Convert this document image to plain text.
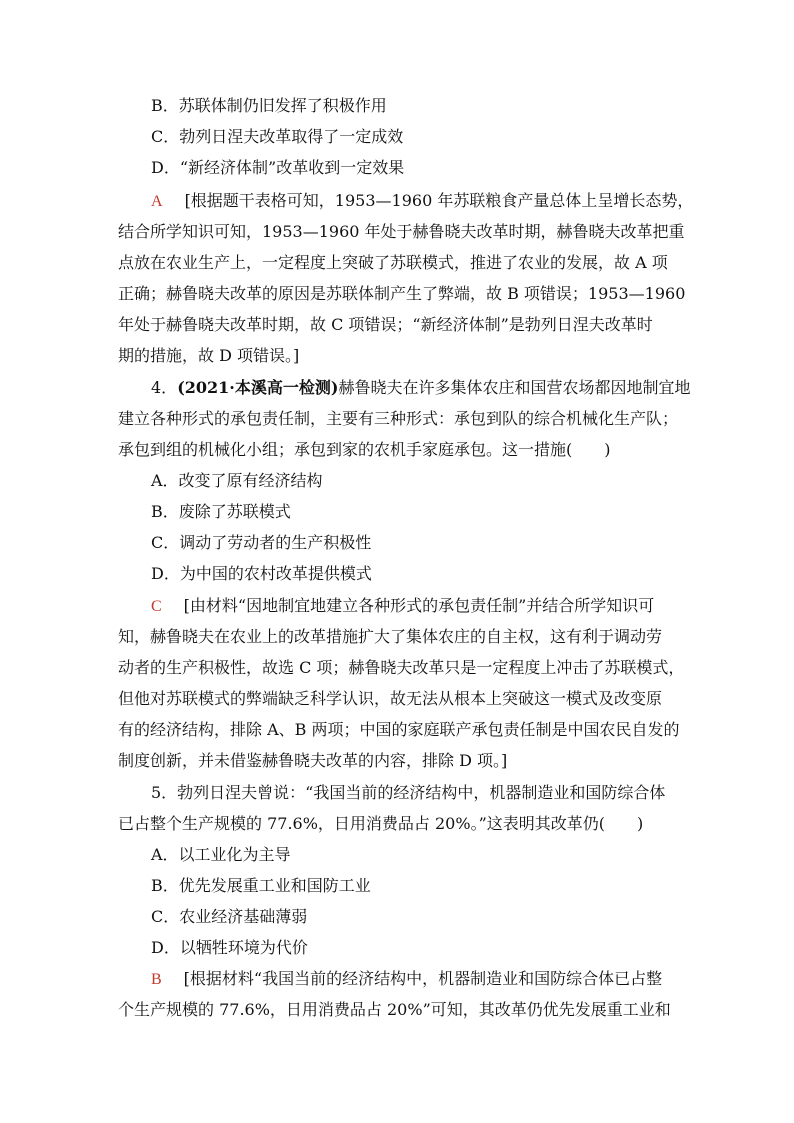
B．苏联体制仍旧发挥了积极作用
C．勃列日涅夫改革取得了一定成效
D．“新经济体制”改革收到一定效果
A [根据题干表格可知，1953—1960 年苏联粮食产量总体上呈增长态势，
结合所学知识可知，1953—1960 年处于赫鲁晓夫改革时期，赫鲁晓夫改革把重
点放在农业生产上，一定程度上突破了苏联模式，推进了农业的发展，故 A 项
正确；赫鲁晓夫改革的原因是苏联体制产生了弊端，故 B 项错误；1953—1960
年处于赫鲁晓夫改革时期，故 C 项错误；“新经济体制”是勃列日涅夫改革时
期的措施，故 D 项错误。]
4．(2021·本溪高一检测)赫鲁晓夫在许多集体农庄和国营农场都因地制宜地
建立各种形式的承包责任制，主要有三种形式：承包到队的综合机械化生产队；
承包到组的机械化小组；承包到家的农机手家庭承包。这一措施(　　)
A．改变了原有经济结构
B．废除了苏联模式
C．调动了劳动者的生产积极性
D．为中国的农村改革提供模式
C [由材料“因地制宜地建立各种形式的承包责任制”并结合所学知识可
知，赫鲁晓夫在农业上的改革措施扩大了集体农庄的自主权，这有利于调动劳
动者的生产积极性，故选 C 项；赫鲁晓夫改革只是一定程度上冲击了苏联模式，
但他对苏联模式的弊端缺乏科学认识，故无法从根本上突破这一模式及改变原
有的经济结构，排除 A、B 两项；中国的家庭联产承包责任制是中国农民自发的
制度创新，并未借鉴赫鲁晓夫改革的内容，排除 D 项。]
5．勃列日涅夫曾说：“我国当前的经济结构中，机器制造业和国防综合体
已占整个生产规模的 77.6%，日用消费品占 20%。”这表明其改革仍(　　)
A．以工业化为主导
B．优先发展重工业和国防工业
C．农业经济基础薄弱
D．以牺牲环境为代价
B [根据材料“我国当前的经济结构中，机器制造业和国防综合体已占整
个生产规模的 77.6%，日用消费品占 20%”可知，其改革仍优先发展重工业和
